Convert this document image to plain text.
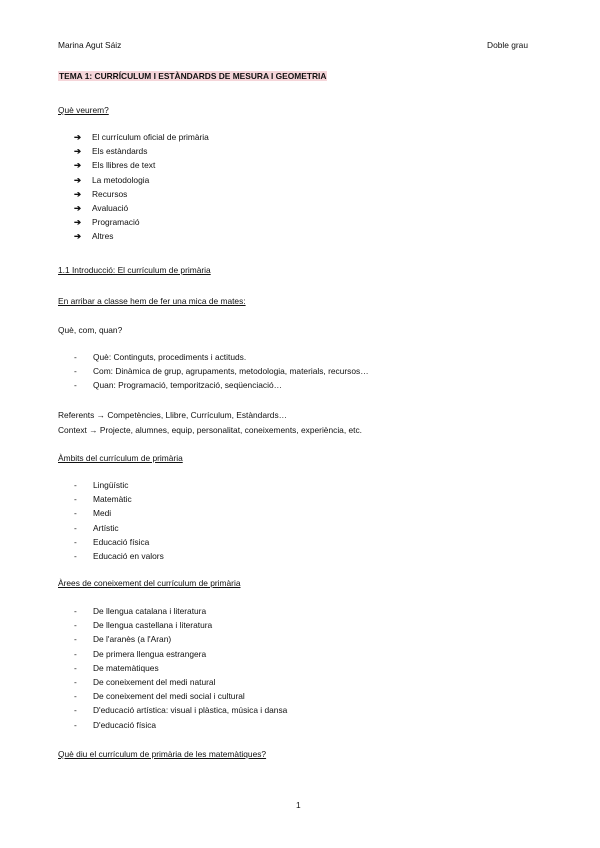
Marina Agut Sáiz	Doble grau
TEMA 1: CURRÍCULUM I ESTÀNDARDS DE MESURA I GEOMETRIA
Què veurem?
➔ El currículum oficial de primària
➔ Els estàndards
➔ Els llibres de text
➔ La metodologia
➔ Recursos
➔ Avaluació
➔ Programació
➔ Altres
1.1 Introducció: El currículum de primària
En arribar a classe hem de fer una mica de mates:
Què, com, quan?
- Què: Continguts, procediments i actituds.
- Com: Dinàmica de grup, agrupaments, metodologia, materials, recursos…
- Quan: Programació, temporització, seqüenciació…
Referents → Competències, Llibre, Currículum, Estàndards…
Context → Projecte, alumnes, equip, personalitat, coneixements, experiència, etc.
Àmbits del currículum de primària
- Lingüístic
- Matemàtic
- Medi
- Artístic
- Educació física
- Educació en valors
Àrees de coneixement del currículum de primària
- De llengua catalana i literatura
- De llengua castellana i literatura
- De l'aranès (a l'Aran)
- De primera llengua estrangera
- De matemàtiques
- De coneixement del medi natural
- De coneixement del medi social i cultural
- D'educació artística: visual i plàstica, música i dansa
- D'educació física
Què diu el currículum de primària de les matemàtiques?
1
